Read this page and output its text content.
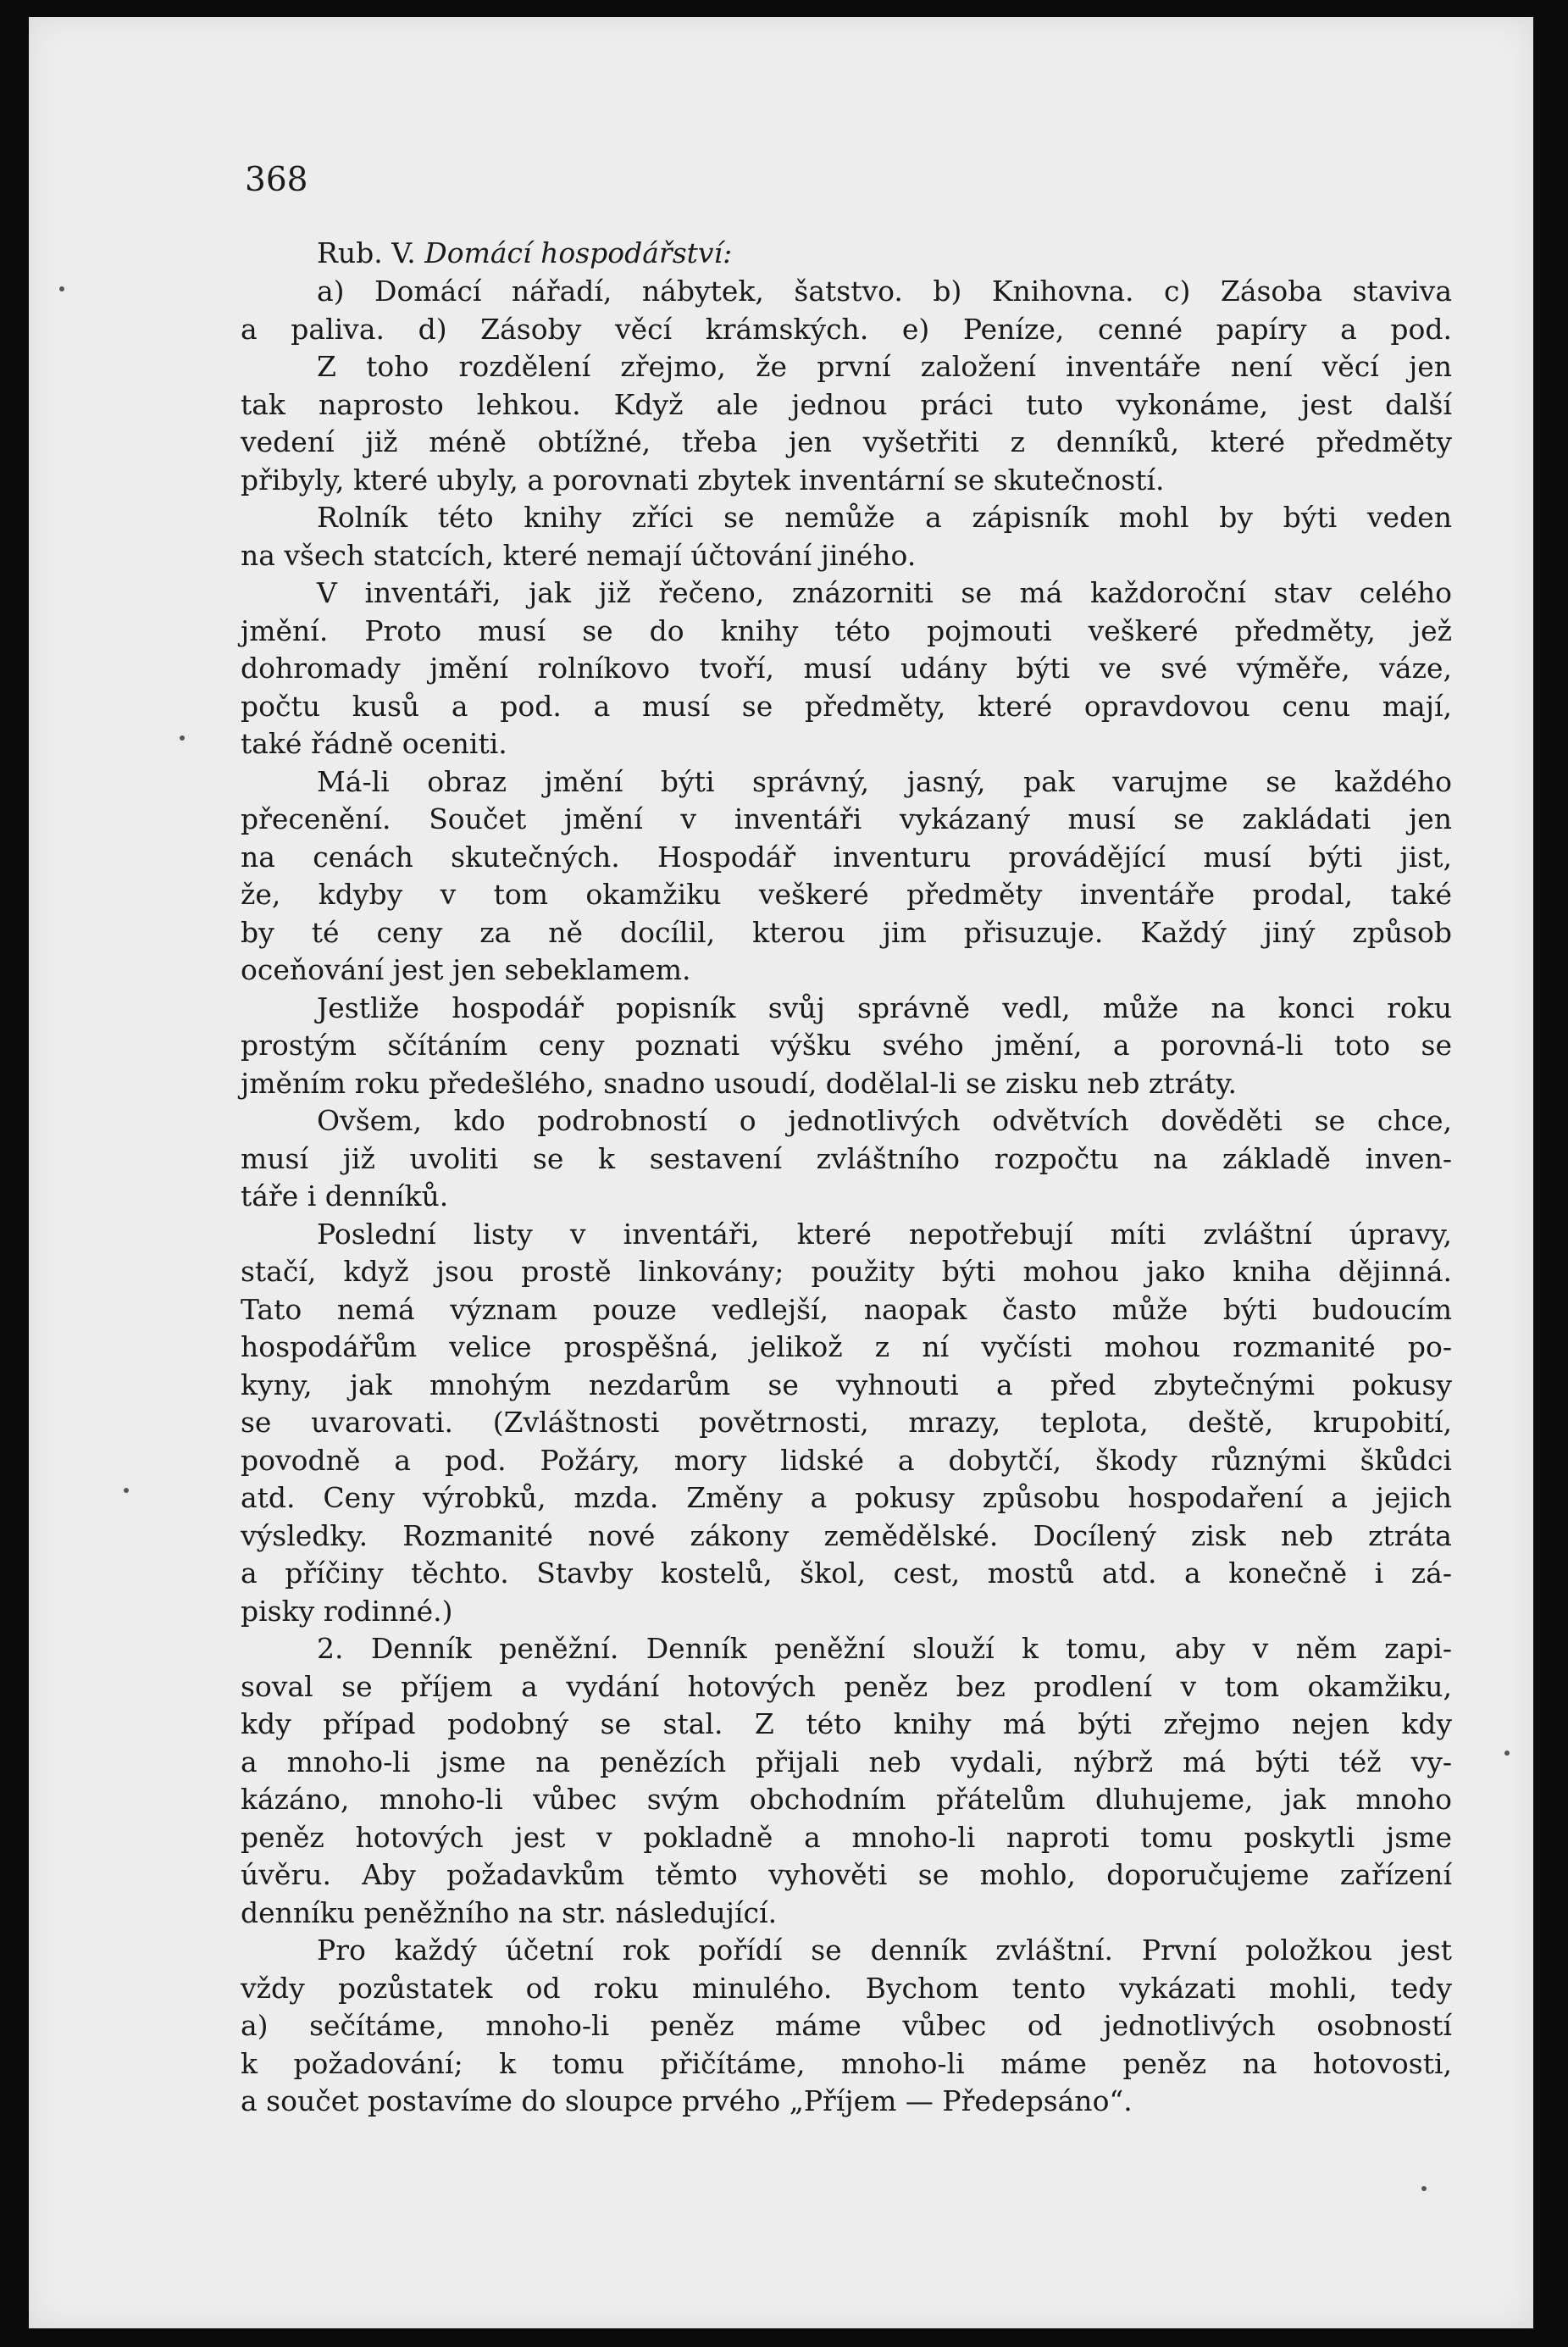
368
Rub. V. Domácí hospodářství:
a) Domácí nářadí, nábytek, šatstvo. b) Knihovna. c) Zásoba staviva
a paliva. d) Zásoby věcí krámských. e) Peníze, cenné papíry a pod.
Z toho rozdělení zřejmo, že první založení inventáře není věcí jen
tak naprosto lehkou. Když ale jednou práci tuto vykonáme, jest další
vedení již méně obtížné, třeba jen vyšetřiti z denníků, které předměty
přibyly, které ubyly, a porovnati zbytek inventární se skutečností.
Rolník této knihy zříci se nemůže a zápisník mohl by býti veden
na všech statcích, které nemají účtování jiného.
V inventáři, jak již řečeno, znázorniti se má každoroční stav celého
jmění. Proto musí se do knihy této pojmouti veškeré předměty, jež
dohromady jmění rolníkovo tvoří, musí udány býti ve své výměře, váze,
počtu kusů a pod. a musí se předměty, které opravdovou cenu mají,
také řádně oceniti.
Má-li obraz jmění býti správný, jasný, pak varujme se každého
přecenění. Součet jmění v inventáři vykázaný musí se zakládati jen
na cenách skutečných. Hospodář inventuru provádějící musí býti jist,
že, kdyby v tom okamžiku veškeré předměty inventáře prodal, také
by té ceny za ně docílil, kterou jim přisuzuje. Každý jiný způsob
oceňování jest jen sebeklamem.
Jestliže hospodář popisník svůj správně vedl, může na konci roku
prostým sčítáním ceny poznati výšku svého jmění, a porovná-li toto se
jměním roku předešlého, snadno usoudí, dodělal-li se zisku neb ztráty.
Ovšem, kdo podrobností o jednotlivých odvětvích dověděti se chce,
musí již uvoliti se k sestavení zvláštního rozpočtu na základě inven-
táře i denníků.
Poslední listy v inventáři, které nepotřebují míti zvláštní úpravy,
stačí, když jsou prostě linkovány; použity býti mohou jako kniha dějinná.
Tato nemá význam pouze vedlejší, naopak často může býti budoucím
hospodářům velice prospěšná, jelikož z ní vyčísti mohou rozmanité po-
kyny, jak mnohým nezdarům se vyhnouti a před zbytečnými pokusy
se uvarovati. (Zvláštnosti povětrnosti, mrazy, teplota, deště, krupobití,
povodně a pod. Požáry, mory lidské a dobytčí, škody různými škůdci
atd. Ceny výrobků, mzda. Změny a pokusy způsobu hospodaření a jejich
výsledky. Rozmanité nové zákony zemědělské. Docílený zisk neb ztráta
a příčiny těchto. Stavby kostelů, škol, cest, mostů atd. a konečně i zá-
pisky rodinné.)
2. Denník peněžní. Denník peněžní slouží k tomu, aby v něm zapi-
soval se příjem a vydání hotových peněz bez prodlení v tom okamžiku,
kdy případ podobný se stal. Z této knihy má býti zřejmo nejen kdy
a mnoho-li jsme na penězích přijali neb vydali, nýbrž má býti též vy-
kázáno, mnoho-li vůbec svým obchodním přátelům dluhujeme, jak mnoho
peněz hotových jest v pokladně a mnoho-li naproti tomu poskytli jsme
úvěru. Aby požadavkům těmto vyhověti se mohlo, doporučujeme zařízení
denníku peněžního na str. následující.
Pro každý účetní rok pořídí se denník zvláštní. První položkou jest
vždy pozůstatek od roku minulého. Bychom tento vykázati mohli, tedy
a) sečítáme, mnoho-li peněz máme vůbec od jednotlivých osobností
k požadování; k tomu přičítáme, mnoho-li máme peněz na hotovosti,
a součet postavíme do sloupce prvého „Příjem — Předepsáno“.
